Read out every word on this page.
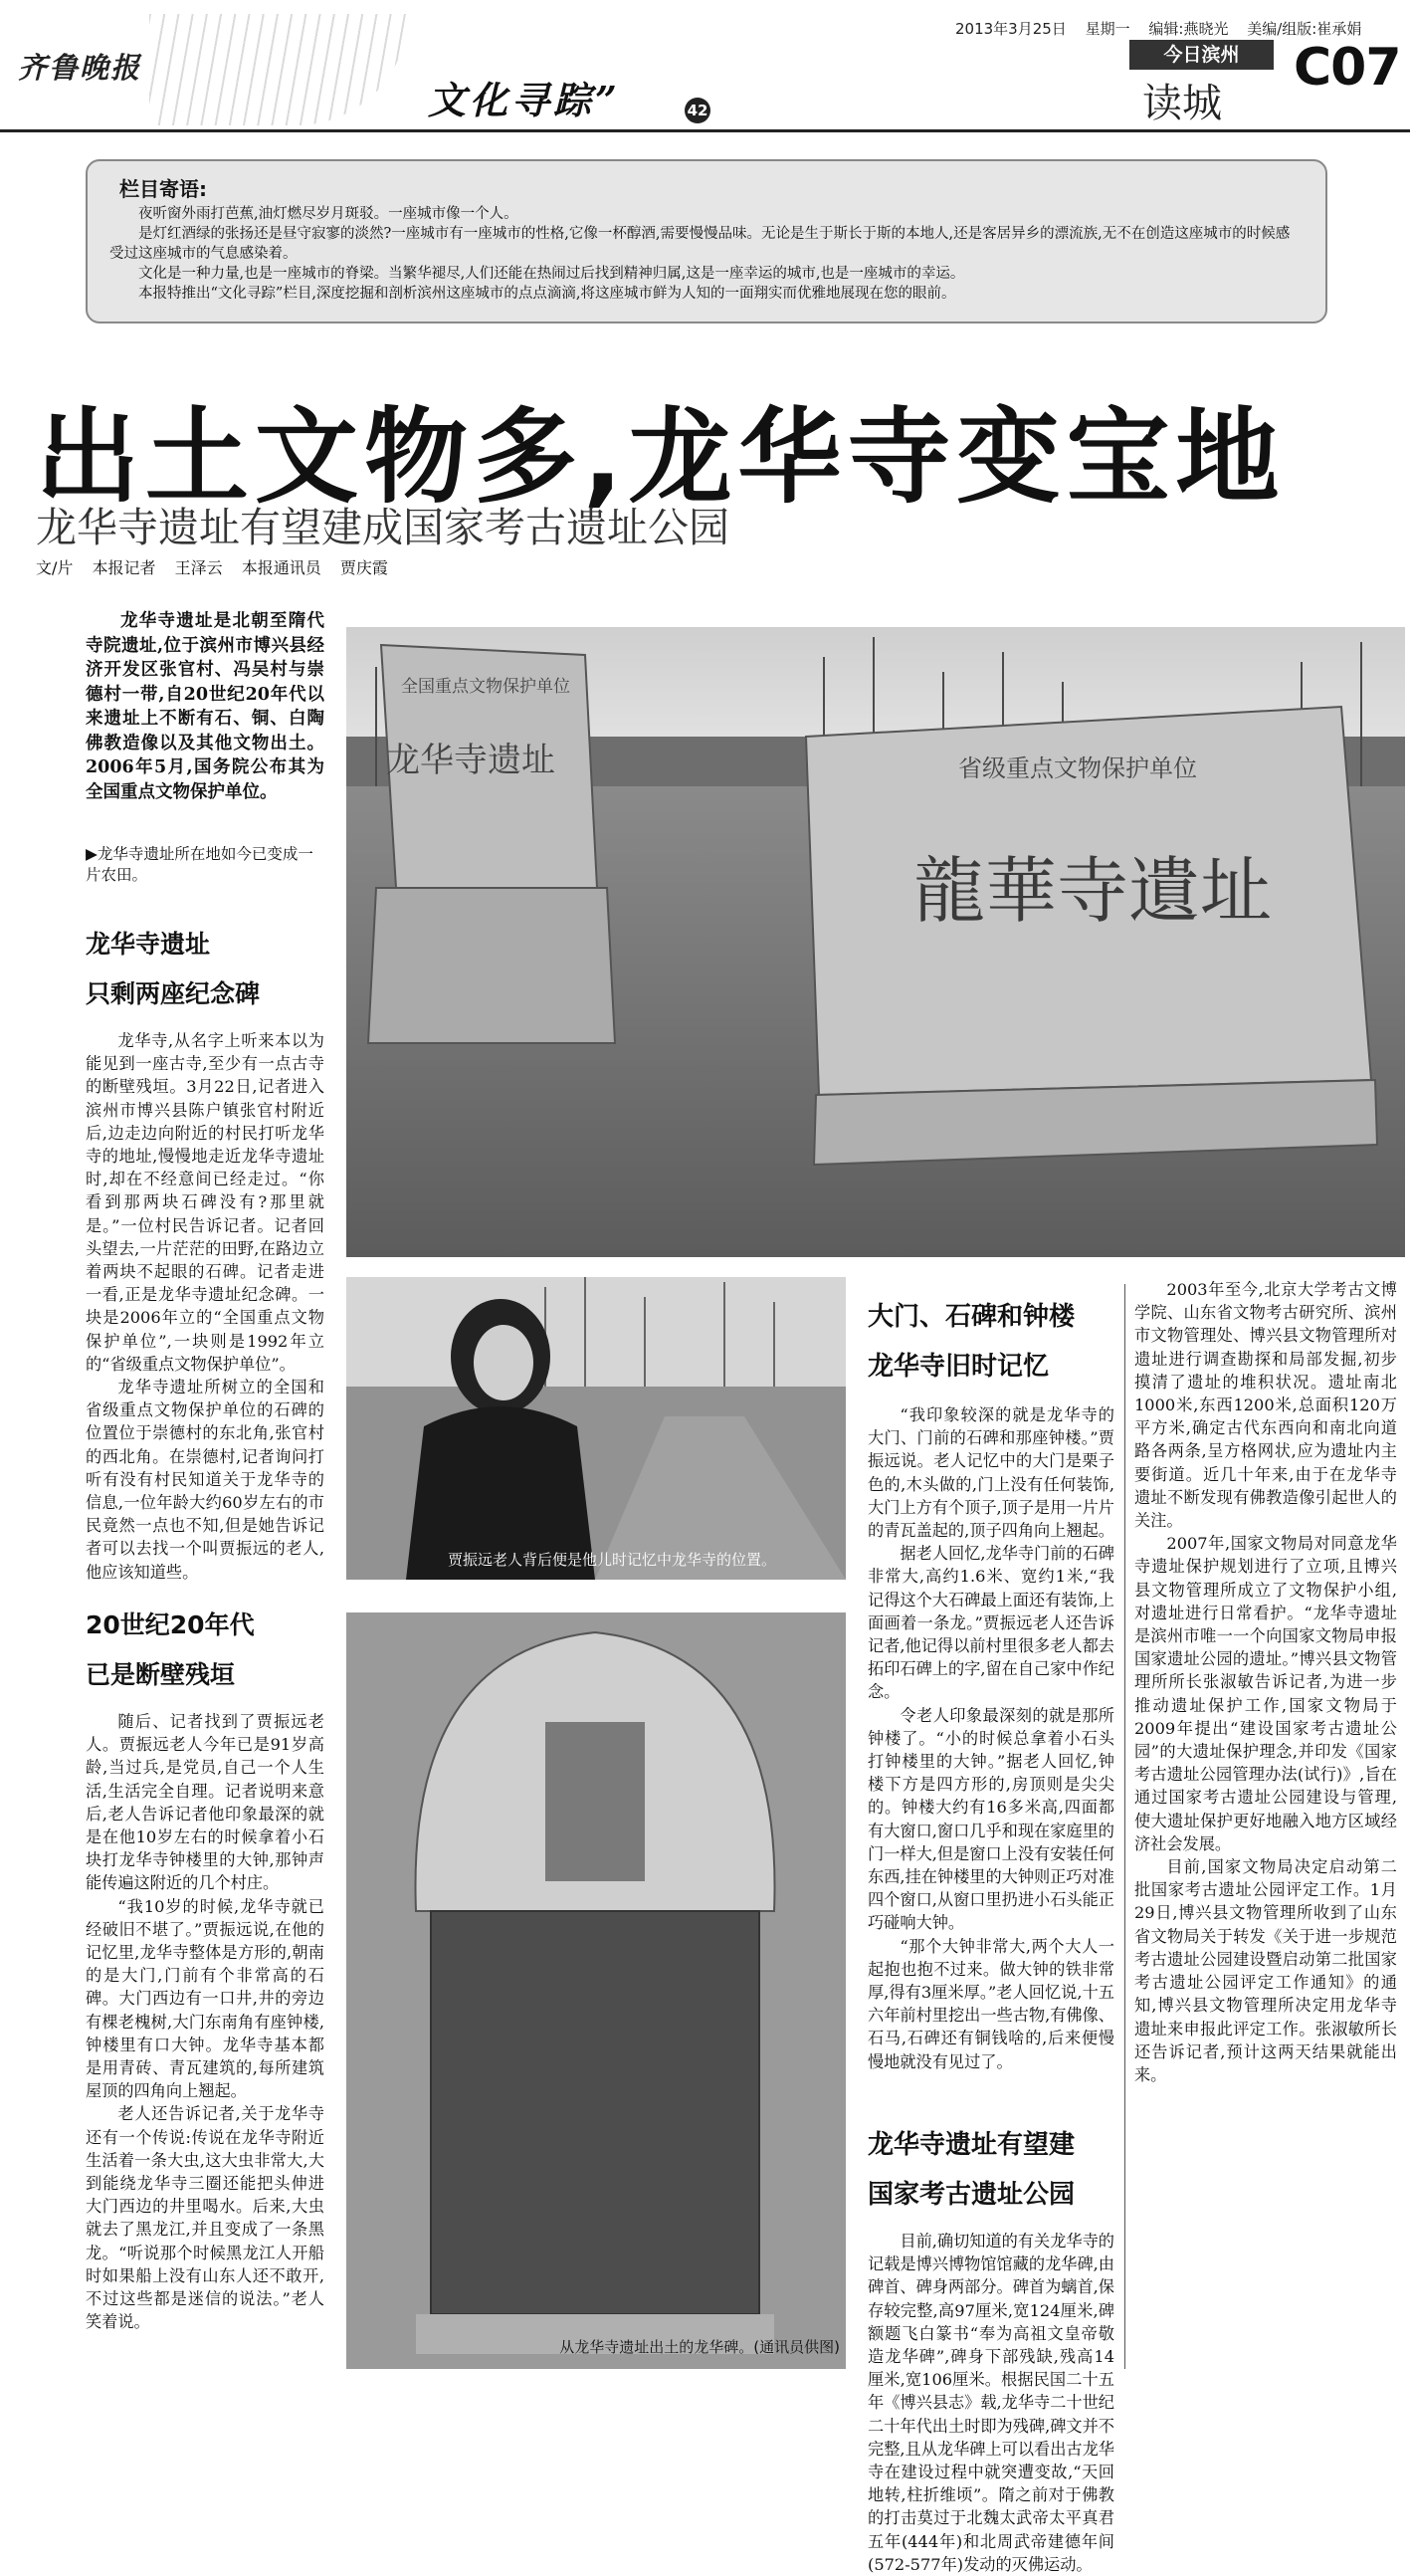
齐鲁晚报
文化寻踪”	42
2013年3月25日 星期一 编辑:燕晓光 美编/组版:崔承娟
今日滨州
读城
C07
栏目寄语:

夜听窗外雨打芭蕉,油灯燃尽岁月斑驳。一座城市像一个人。

是灯红酒绿的张扬还是昼守寂寥的淡然?一座城市有一座城市的性格,它像一杯醇酒,需要慢慢品味。无论是生于斯长于斯的本地人,还是客居异乡的漂流族,无不在创造这座城市的时候感受过这座城市的气息感染着。

文化是一种力量,也是一座城市的脊梁。当繁华褪尽,人们还能在热闹过后找到精神归属,这是一座幸运的城市,也是一座城市的幸运。

本报特推出“文化寻踪”栏目,深度挖掘和剖析滨州这座城市的点点滴滴,将这座城市鲜为人知的一面翔实而优雅地展现在您的眼前。

出土文物多,龙华寺变宝地
龙华寺遗址有望建成国家考古遗址公园
文/片 本报记者 王泽云 本报通讯员 贾庆霞
龙华寺遗址是北朝至隋代寺院遗址,位于滨州市博兴县经济开发区张官村、冯吴村与崇德村一带,自20世纪20年代以来遗址上不断有石、铜、白陶佛教造像以及其他文物出土。2006年5月,国务院公布其为全国重点文物保护单位。
▶龙华寺遗址所在地如今已变成一片农田。
全国重点文物保护单位
龙华寺遗址	省级重点文物保护单位
龍華寺遺址
贾振远老人背后便是他儿时记忆中龙华寺的位置。
从龙华寺遗址出土的龙华碑。(通讯员供图)
龙华寺遗址
只剩两座纪念碑

龙华寺,从名字上听来本以为能见到一座古寺,至少有一点古寺的断壁残垣。3月22日,记者进入滨州市博兴县陈户镇张官村附近后,边走边向附近的村民打听龙华寺的地址,慢慢地走近龙华寺遗址时,却在不经意间已经走过。“你看到那两块石碑没有?那里就是。”一位村民告诉记者。记者回头望去,一片茫茫的田野,在路边立着两块不起眼的石碑。记者走进一看,正是龙华寺遗址纪念碑。一块是2006年立的“全国重点文物保护单位”,一块则是1992年立的“省级重点文物保护单位”。

龙华寺遗址所树立的全国和省级重点文物保护单位的石碑的位置位于崇德村的东北角,张官村的西北角。在崇德村,记者询问打听有没有村民知道关于龙华寺的信息,一位年龄大约60岁左右的市民竟然一点也不知,但是她告诉记者可以去找一个叫贾振远的老人,他应该知道些。

20世纪20年代
已是断壁残垣

随后、记者找到了贾振远老人。贾振远老人今年已是91岁高龄,当过兵,是党员,自己一个人生活,生活完全自理。记者说明来意后,老人告诉记者他印象最深的就是在他10岁左右的时候拿着小石块打龙华寺钟楼里的大钟,那钟声能传遍这附近的几个村庄。

“我10岁的时候,龙华寺就已经破旧不堪了。”贾振远说,在他的记忆里,龙华寺整体是方形的,朝南的是大门,门前有个非常高的石碑。大门西边有一口井,井的旁边有棵老槐树,大门东南角有座钟楼,钟楼里有口大钟。龙华寺基本都是用青砖、青瓦建筑的,每所建筑屋顶的四角向上翘起。

老人还告诉记者,关于龙华寺还有一个传说:传说在龙华寺附近生活着一条大虫,这大虫非常大,大到能绕龙华寺三圈还能把头伸进大门西边的井里喝水。后来,大虫就去了黑龙江,并且变成了一条黑龙。“听说那个时候黑龙江人开船时如果船上没有山东人还不敢开,不过这些都是迷信的说法。”老人笑着说。

大门、石碑和钟楼
龙华寺旧时记忆

“我印象较深的就是龙华寺的大门、门前的石碑和那座钟楼。”贾振远说。老人记忆中的大门是栗子色的,木头做的,门上没有任何装饰,大门上方有个顶子,顶子是用一片片的青瓦盖起的,顶子四角向上翘起。

据老人回忆,龙华寺门前的石碑非常大,高约1.6米、宽约1米,“我记得这个大石碑最上面还有装饰,上面画着一条龙。”贾振远老人还告诉记者,他记得以前村里很多老人都去拓印石碑上的字,留在自己家中作纪念。

令老人印象最深刻的就是那所钟楼了。“小的时候总拿着小石头打钟楼里的大钟。”据老人回忆,钟楼下方是四方形的,房顶则是尖尖的。钟楼大约有16多米高,四面都有大窗口,窗口几乎和现在家庭里的门一样大,但是窗口上没有安装任何东西,挂在钟楼里的大钟则正巧对准四个窗口,从窗口里扔进小石头能正巧碰响大钟。

“那个大钟非常大,两个大人一起抱也抱不过来。做大钟的铁非常厚,得有3厘米厚。”老人回忆说,十五六年前村里挖出一些古物,有佛像、石马,石碑还有铜钱啥的,后来便慢慢地就没有见过了。

龙华寺遗址有望建
国家考古遗址公园

目前,确切知道的有关龙华寺的记载是博兴博物馆馆藏的龙华碑,由碑首、碑身两部分。碑首为螭首,保存较完整,高97厘米,宽124厘米,碑额题飞白篆书“奉为高祖文皇帝敬造龙华碑”,碑身下部残缺,残高14厘米,宽106厘米。根据民国二十五年《博兴县志》载,龙华寺二十世纪二十年代出土时即为残碑,碑文并不完整,且从龙华碑上可以看出古龙华寺在建设过程中就突遭变故,“天回地转,柱折维顷”。隋之前对于佛教的打击莫过于北魏太武帝太平真君五年(444年)和北周武帝建德年间(572-577年)发动的灭佛运动。

2003年至今,北京大学考古文博学院、山东省文物考古研究所、滨州市文物管理处、博兴县文物管理所对遗址进行调查勘探和局部发掘,初步摸清了遗址的堆积状况。遗址南北1000米,东西1200米,总面积120万平方米,确定古代东西向和南北向道路各两条,呈方格网状,应为遗址内主要街道。近几十年来,由于在龙华寺遗址不断发现有佛教造像引起世人的关注。

2007年,国家文物局对同意龙华寺遗址保护规划进行了立项,且博兴县文物管理所成立了文物保护小组,对遗址进行日常看护。“龙华寺遗址是滨州市唯一一个向国家文物局申报国家遗址公园的遗址。”博兴县文物管理所所长张淑敏告诉记者,为进一步推动遗址保护工作,国家文物局于2009年提出“建设国家考古遗址公园”的大遗址保护理念,并印发《国家考古遗址公园管理办法(试行)》,旨在通过国家考古遗址公园建设与管理,使大遗址保护更好地融入地方区域经济社会发展。

目前,国家文物局决定启动第二批国家考古遗址公园评定工作。1月29日,博兴县文物管理所收到了山东省文物局关于转发《关于进一步规范考古遗址公园建设暨启动第二批国家考古遗址公园评定工作通知》的通知,博兴县文物管理所决定用龙华寺遗址来申报此评定工作。张淑敏所长还告诉记者,预计这两天结果就能出来。
